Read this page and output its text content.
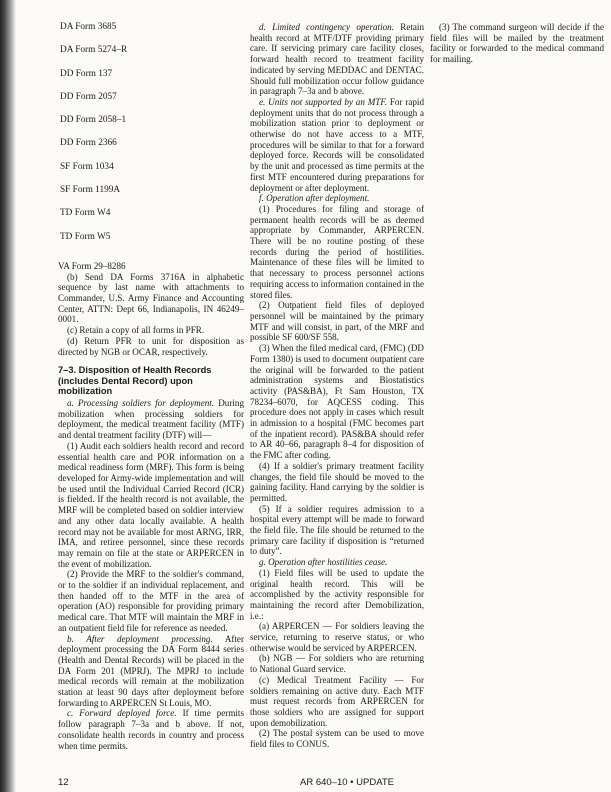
DA Form 3685
DA Form 5274–R
DD Form 137
DD Form 2057
DD Form 2058–1
DD Form 2366
SF Form 1034
SF Form 1199A
TD Form W4
TD Form W5

VA Form 29–8286

(b) Send DA Forms 3716A in alphabetic sequence by last name with attachments to Commander, U.S. Army Finance and Accounting Center, ATTN: Dept 66, Indianapolis, IN 46249–0001.

(c) Retain a copy of all forms in PFR.

(d) Return PFR to unit for disposition as directed by NGB or OCAR, respectively.

7–3. Disposition of Health Records (includes Dental Record) upon mobilization

a. Processing soldiers for deployment. During mobilization when processing soldiers for deployment, the medical treatment facility (MTF) and dental treatment facility (DTF) will—

(1) Audit each soldiers health record and record essential health care and POR information on a medical readiness form (MRF). This form is being developed for Army-wide implementation and will be used until the Individual Carried Record (ICR) is fielded. If the health record is not available, the MRF will be completed based on soldier interview and any other data locally available. A health record may not be available for most ARNG, IRR, IMA, and retiree personnel, since these records may remain on file at the state or ARPERCEN in the event of mobilization.

(2) Provide the MRF to the soldier's command, or to the soldier if an individual replacement, and then handed off to the MTF in the area of operation (AO) responsible for providing primary medical care. That MTF will maintain the MRF in an outpatient field file for reference as needed.

b. After deployment processing. After deployment processing the DA Form 8444 series (Health and Dental Records) will be placed in the DA Form 201 (MPRJ). The MPRJ to include medical records will remain at the mobilization station at least 90 days after deployment before forwarding to ARPERCEN St Louis, MO.

c. Forward deployed force. If time permits follow paragraph 7–3a and b above. If not, consolidate health records in country and process when time permits.

d. Limited contingency operation. Retain health record at MTF/DTF providing primary care. If servicing primary care facility closes, forward health record to treatment facility indicated by serving MEDDAC and DENTAC. Should full mobilization occur follow guidance in paragraph 7–3a and b above.

e. Units not supported by an MTF. For rapid deployment units that do not process through a mobilization station prior to deployment or otherwise do not have access to a MTF, procedures will be similar to that for a forward deployed force. Records will be consolidated by the unit and processed as time permits at the first MTF encountered during preparations for deployment or after deployment.

f. Operation after deployment.

(1) Procedures for filing and storage of permanent health records will be as deemed appropriate by Commander, ARPERCEN. There will be no routine posting of these records during the period of hostilities. Maintenance of these files will be limited to that necessary to process personnel actions requiring access to information contained in the stored files.

(2) Outpatient field files of deployed personnel will be maintained by the primary MTF and will consist, in part, of the MRF and possible SF 600/SF 558.

(3) When the filed medical card, (FMC) (DD Form 1380) is used to document outpatient care the original will be forwarded to the patient administration systems and Biostatistics activity (PAS&BA), Ft Sam Houston, TX 78234–6070, for AQCESS coding. This procedure does not apply in cases which result in admission to a hospital (FMC becomes part of the inpatient record). PAS&BA should refer to AR 40–66, paragraph 8–4 for disposition of the FMC after coding.

(4) If a soldier's primary treatment facility changes, the field file should be moved to the gaining facility. Hand carrying by the soldier is permitted.

(5) If a soldier requires admission to a hospital every attempt will be made to forward the field file. The file should be returned to the primary care facility if disposition is “returned to duty”.

g. Operation after hostilities cease.

(1) Field files will be used to update the original health record. This will be accomplished by the activity responsible for maintaining the record after Demobilization, i.e.:

(a) ARPERCEN — For soldiers leaving the service, returning to reserve status, or who otherwise would be serviced by ARPERCEN.

(b) NGB — For soldiers who are returning to National Guard service.

(c) Medical Treatment Facility — For soldiers remaining on active duty. Each MTF must request records from ARPERCEN for those soldiers who are assigned for support upon demobilization.

(2) The postal system can be used to move field files to CONUS.

(3) The command surgeon will decide if the field files will be mailed by the treatment facility or forwarded to the medical command for mailing.

12	AR 640–10 • UPDATE
